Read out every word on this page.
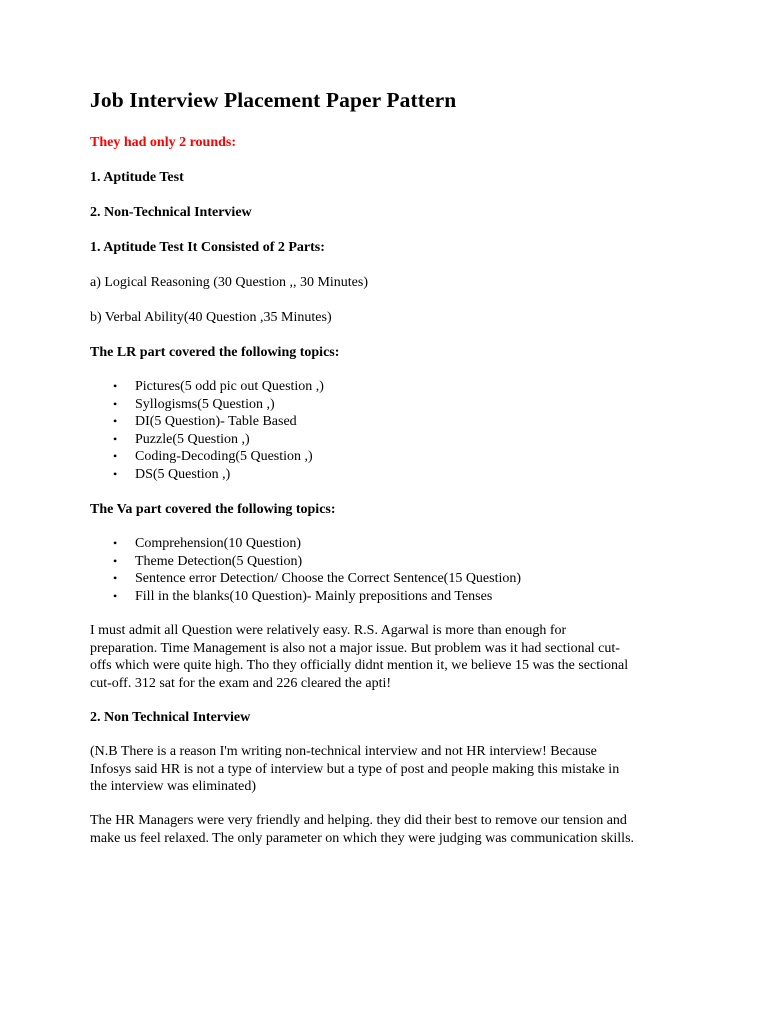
Job Interview Placement Paper Pattern

They had only 2 rounds:

1. Aptitude Test

2. Non-Technical Interview

1. Aptitude Test It Consisted of 2 Parts:

a) Logical Reasoning (30 Question ,, 30 Minutes)

b) Verbal Ability(40 Question ,35 Minutes)

The LR part covered the following topics:

• Pictures(5 odd pic out Question ,)
• Syllogisms(5 Question ,)
• DI(5 Question)- Table Based
• Puzzle(5 Question ,)
• Coding-Decoding(5 Question ,)
• DS(5 Question ,)

The Va part covered the following topics:

• Comprehension(10 Question)
• Theme Detection(5 Question)
• Sentence error Detection/ Choose the Correct Sentence(15 Question)
• Fill in the blanks(10 Question)- Mainly prepositions and Tenses
I must admit all Question were relatively easy. R.S. Agarwal is more than enough for
preparation. Time Management is also not a major issue. But problem was it had sectional cut-
offs which were quite high. Tho they officially didnt mention it, we believe 15 was the sectional
cut-off. 312 sat for the exam and 226 cleared the apti!

2. Non Technical Interview

(N.B There is a reason I'm writing non-technical interview and not HR interview! Because
Infosys said HR is not a type of interview but a type of post and people making this mistake in
the interview was eliminated)
The HR Managers were very friendly and helping. they did their best to remove our tension and
make us feel relaxed. The only parameter on which they were judging was communication skills.
